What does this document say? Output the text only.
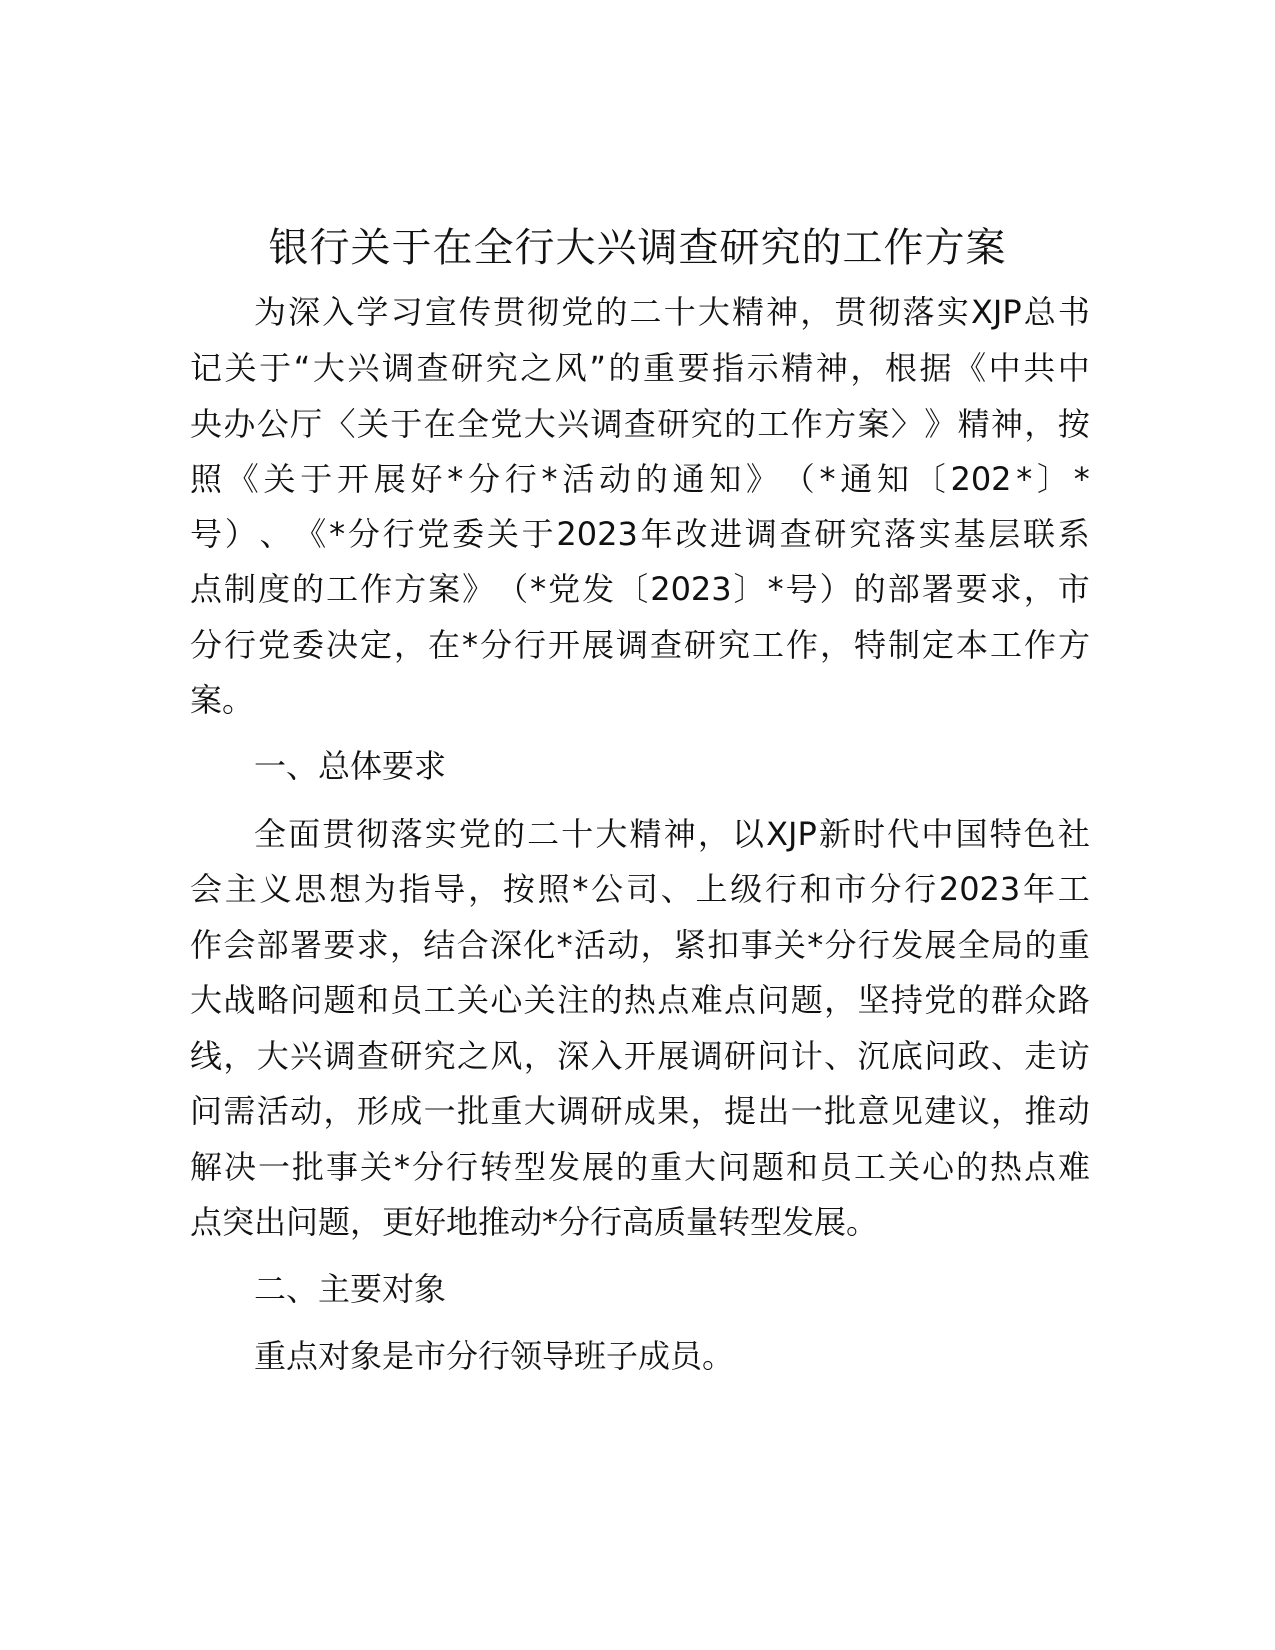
银行关于在全行大兴调查研究的工作方案

为 深 入 学 习 宣 传 贯 彻 党 的 二 十 大 精 神 ， 贯 彻 落 实 XJP 总 书

记 关 于 “ 大 兴 调 查 研 究 之 风 ” 的 重 要 指 示 精 神 ， 根 据 《 中 共 中

央 办 公 厅 〈 关 于 在 全 党 大 兴 调 查 研 究 的 工 作 方 案 〉 》 精 神 ， 按

照 《 关 于 开 展 好 * 分 行 * 活 动 的 通 知 》 （ * 通 知 〔 202 * 〕 *

号 ） 、 《 * 分 行 党 委 关 于 2023 年 改 进 调 查 研 究 落 实 基 层 联 系

点 制 度 的 工 作 方 案 》 （ * 党 发 〔 2023 〕 * 号 ） 的 部 署 要 求 ， 市

分 行 党 委 决 定 ， 在 * 分 行 开 展 调 查 研 究 工 作 ， 特 制 定 本 工 作 方

案。

一、总体要求

全 面 贯 彻 落 实 党 的 二 十 大 精 神 ， 以 XJP 新 时 代 中 国 特 色 社

会 主 义 思 想 为 指 导 ， 按 照 * 公 司 、 上 级 行 和 市 分 行 2023 年 工

作 会 部 署 要 求 ， 结 合 深 化 * 活 动 ， 紧 扣 事 关 * 分 行 发 展 全 局 的 重

大 战 略 问 题 和 员 工 关 心 关 注 的 热 点 难 点 问 题 ， 坚 持 党 的 群 众 路

线 ， 大 兴 调 查 研 究 之 风 ， 深 入 开 展 调 研 问 计 、 沉 底 问 政 、 走 访

问 需 活 动 ， 形 成 一 批 重 大 调 研 成 果 ， 提 出 一 批 意 见 建 议 ， 推 动

解 决 一 批 事 关 * 分 行 转 型 发 展 的 重 大 问 题 和 员 工 关 心 的 热 点 难

点突出问题，更好地推动*分行高质量转型发展。

二、主要对象

重点对象是市分行领导班子成员。
